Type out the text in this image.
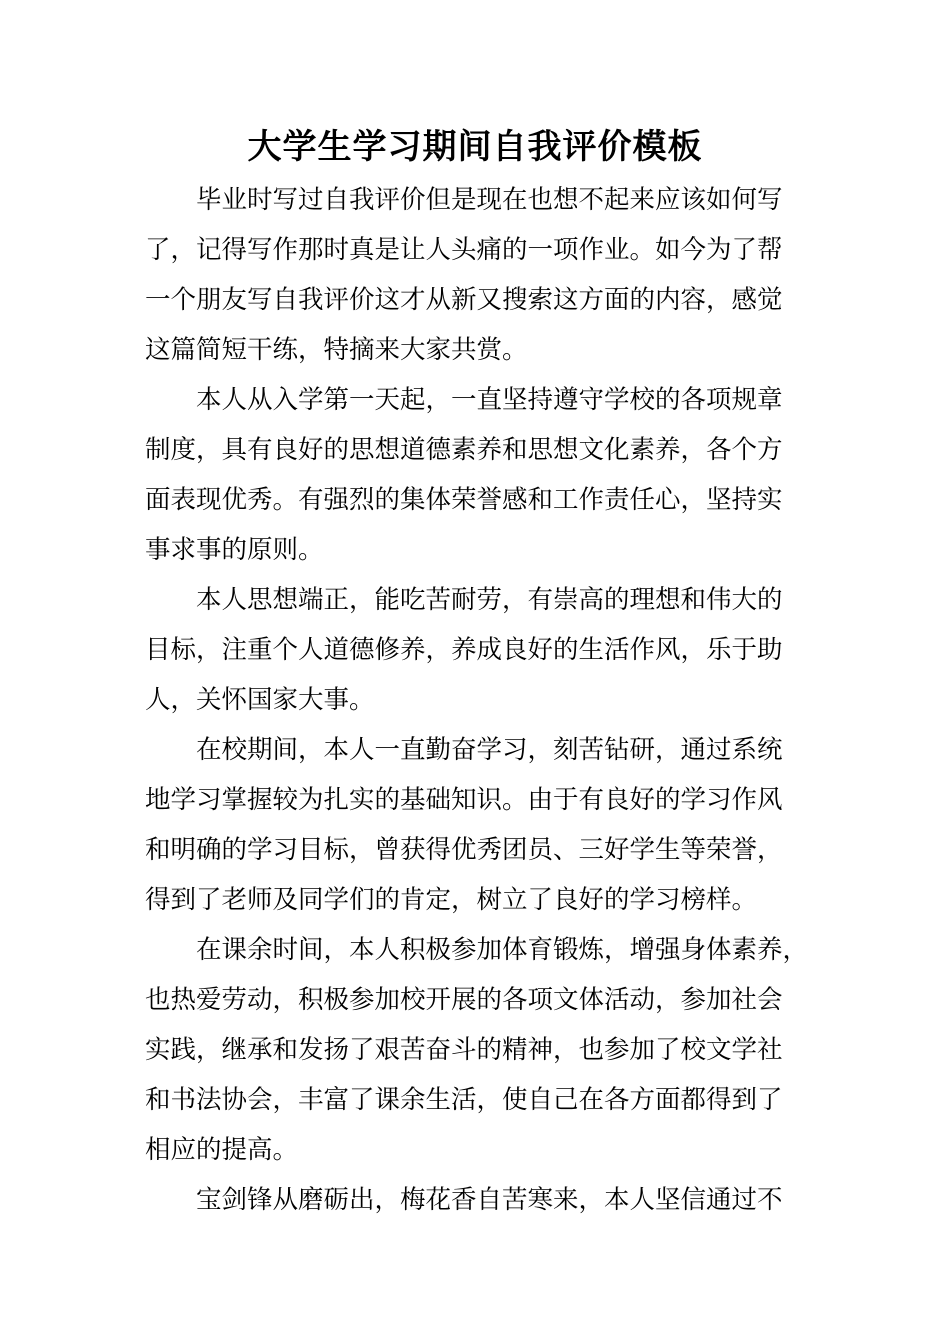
大学生学习期间自我评价模板
　　毕业时写过自我评价但是现在也想不起来应该如何写
了，记得写作那时真是让人头痛的一项作业。如今为了帮
一个朋友写自我评价这才从新又搜索这方面的内容，感觉
这篇简短干练，特摘来大家共赏。
　　本人从入学第一天起，一直坚持遵守学校的各项规章
制度，具有良好的思想道德素养和思想文化素养，各个方
面表现优秀。有强烈的集体荣誉感和工作责任心，坚持实
事求事的原则。
　　本人思想端正，能吃苦耐劳，有崇高的理想和伟大的
目标，注重个人道德修养，养成良好的生活作风，乐于助
人，关怀国家大事。
　　在校期间，本人一直勤奋学习，刻苦钻研，通过系统
地学习掌握较为扎实的基础知识。由于有良好的学习作风
和明确的学习目标，曾获得优秀团员、三好学生等荣誉，
得到了老师及同学们的肯定，树立了良好的学习榜样。
　　在课余时间，本人积极参加体育锻炼，增强身体素养，
也热爱劳动，积极参加校开展的各项文体活动，参加社会
实践，继承和发扬了艰苦奋斗的精神，也参加了校文学社
和书法协会，丰富了课余生活，使自己在各方面都得到了
相应的提高。
　　宝剑锋从磨砺出，梅花香自苦寒来，本人坚信通过不
